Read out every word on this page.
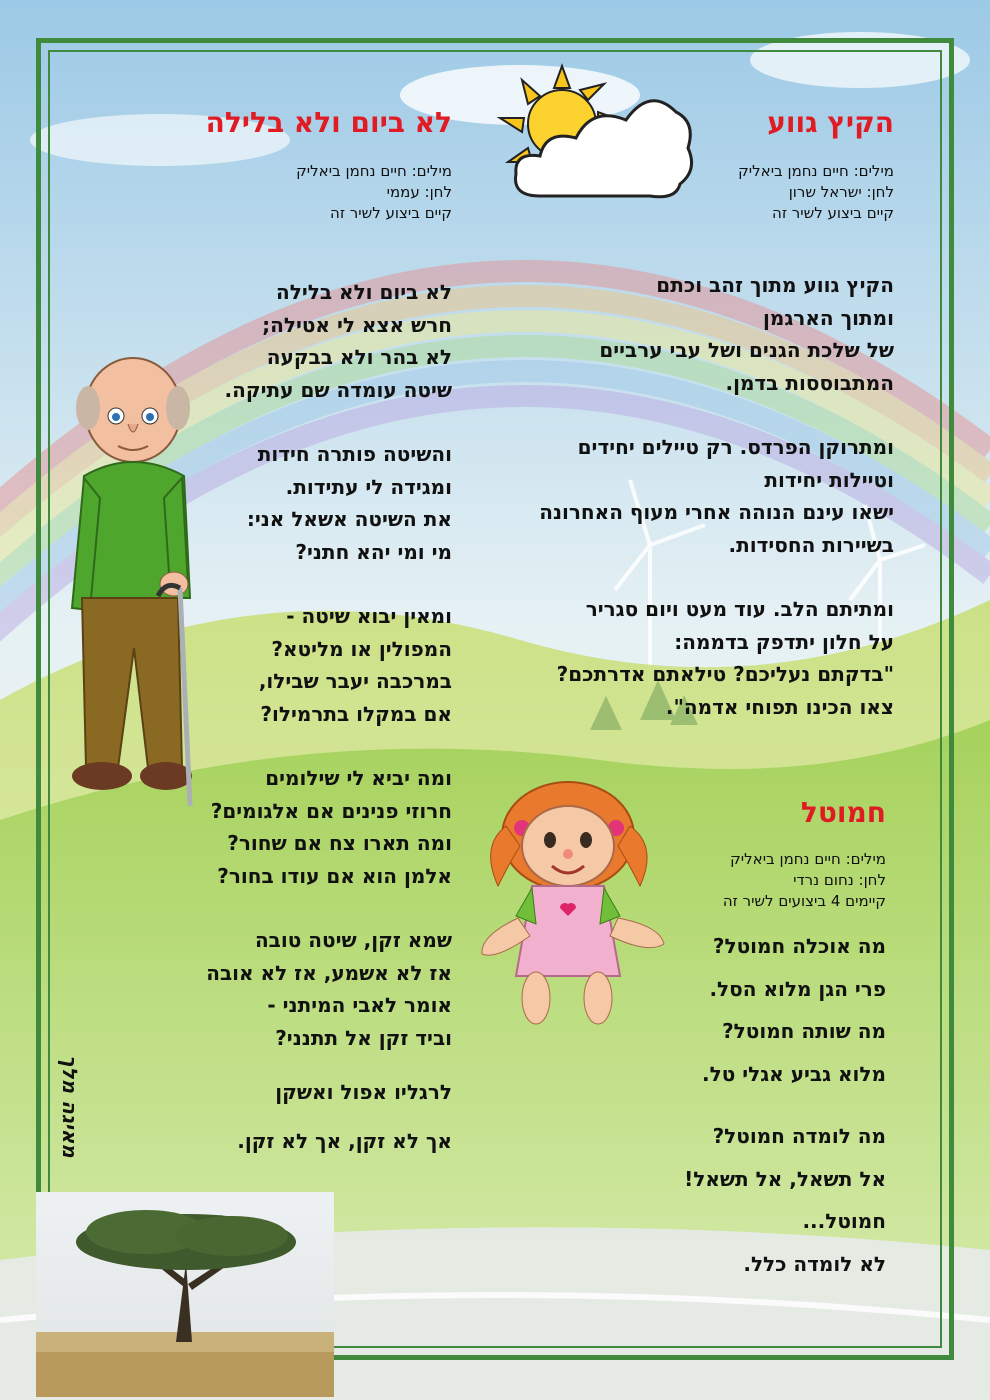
הקיץ גווע
מילים: חיים נחמן ביאליק
לחן: ישראל שרון
קיים ביצוע לשיר זה
הקיץ גווע מתוך זהב וכתם
ומתוך הארגמן
של שלכת הגנים ושל עבי ערביים
המתבוססות בדמן.
ומתרוקן הפרדס. רק טיילים יחידים
וטיילות יחידות
ישאו עינם הנוהה אחרי מעוף האחרונה
בשיירות החסידות.
ומתיתם הלב. עוד מעט ויום סגריר
על חלון יתדפק בדממה:
"בדקתם נעליכם? טילאתם אדרתכם?
צאו הכינו תפוחי אדמה".
לא ביום ולא בלילה
מילים: חיים נחמן ביאליק
לחן: עממי
קיים ביצוע לשיר זה
לא ביום ולא בלילה
חרש אצא לי אטילה;
לא בהר ולא בבקעה
שיטה עומדה שם עתיקה.
והשיטה פותרה חידות
ומגידה לי עתידות.
את השיטה אשאל אני:
מי ומי יהא חתני?
ומאין יבוא שיטה -
המפולין או מליטא?
במרכבה יעבר שבילו,
אם במקלו בתרמילו?
ומה יביא לי שילומים
חרוזי פנינים אם אלגומים?
ומה תארו צח אם שחור?
אלמן הוא אם עודו בחור?
שמא זקן, שיטה טובה
אז לא אשמע, אז לא אובה
אומר לאבי המיתני -
וביד זקן אל תתנני?
לרגליו אפול ואשקן
אך לא זקן, אך לא זקן.
חמוטל
מילים: חיים נחמן ביאליק
לחן: נחום נרדי
קיימים 4 ביצועים לשיר זה
מה אוכלה חמוטל?
פרי הגן מלוא הסל.
מה שותה חמוטל?
מלוא גביע אגלי טל.
מה לומדה חמוטל?
אל תשאל, אל תשאל!
חמוטל...
לא לומדה כלל.
מאיגה מלך
